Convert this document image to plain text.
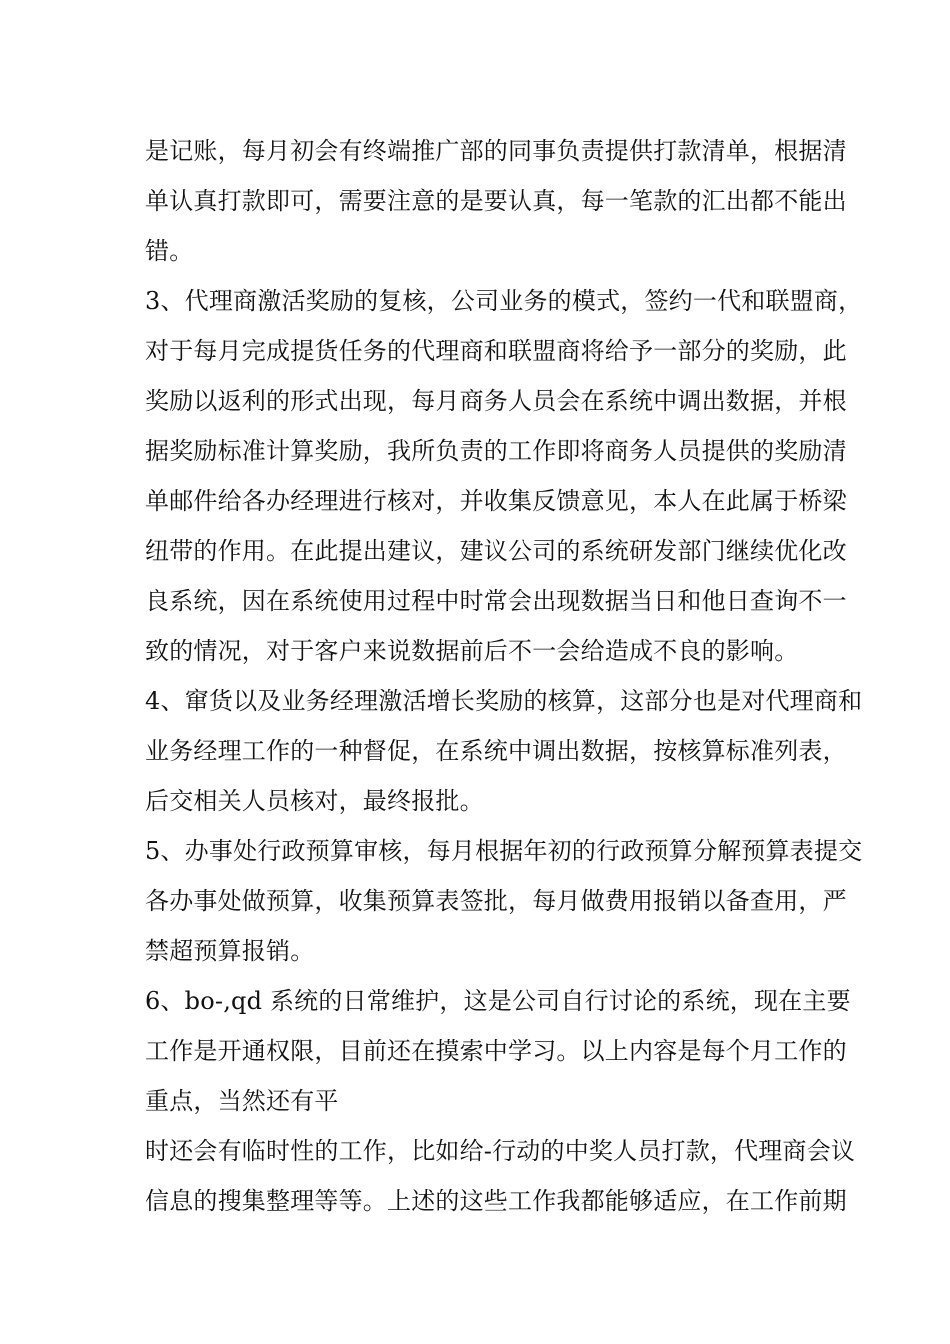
是记账，每月初会有终端推广部的同事负责提供打款清单，根据清
单认真打款即可，需要注意的是要认真，每一笔款的汇出都不能出
错。
3、代理商激活奖励的复核，公司业务的模式，签约一代和联盟商，
对于每月完成提货任务的代理商和联盟商将给予一部分的奖励，此
奖励以返利的形式出现，每月商务人员会在系统中调出数据，并根
据奖励标准计算奖励，我所负责的工作即将商务人员提供的奖励清
单邮件给各办经理进行核对，并收集反馈意见，本人在此属于桥梁
纽带的作用。在此提出建议，建议公司的系统研发部门继续优化改
良系统，因在系统使用过程中时常会出现数据当日和他日查询不一
致的情况，对于客户来说数据前后不一会给造成不良的影响。
4、窜货以及业务经理激活增长奖励的核算，这部分也是对代理商和
业务经理工作的一种督促，在系统中调出数据，按核算标准列表，
后交相关人员核对，最终报批。
5、办事处行政预算审核，每月根据年初的行政预算分解预算表提交
各办事处做预算，收集预算表签批，每月做费用报销以备查用，严
禁超预算报销。
6、bo-,qd 系统的日常维护，这是公司自行讨论的系统，现在主要
工作是开通权限，目前还在摸索中学习。以上内容是每个月工作的
重点，当然还有平
时还会有临时性的工作，比如给-行动的中奖人员打款，代理商会议
信息的搜集整理等等。上述的这些工作我都能够适应，在工作前期
